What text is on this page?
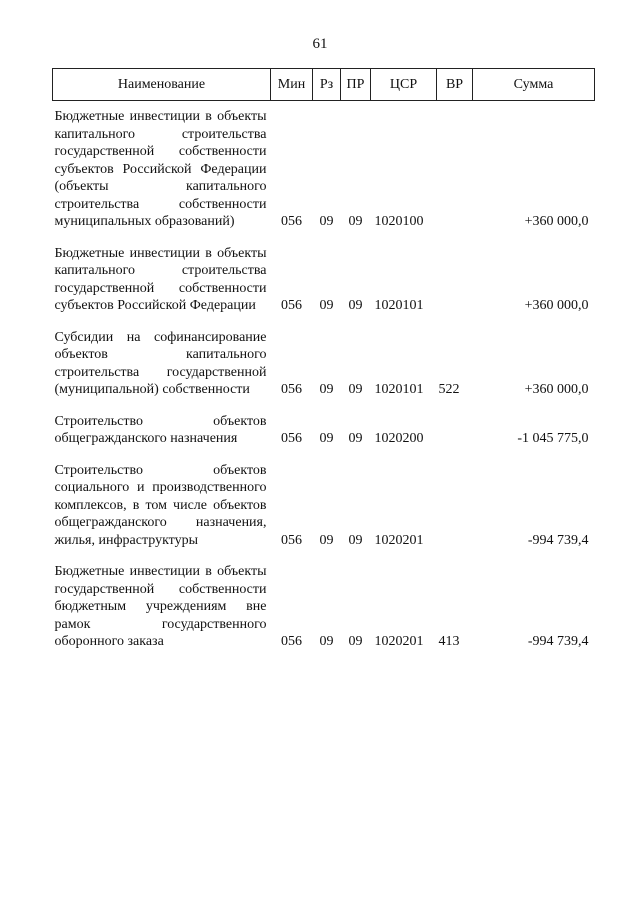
61
Наименование	Мин	Рз	ПР	ЦСР	ВР	Сумма
Бюджетные инвестиции в объекты капитального строительства государственной собственности субъектов Российской Федерации (объекты капитального строительства собственности муниципальных образований)	056	09	09	1020100		+360 000,0
Бюджетные инвестиции в объекты капитального строительства государственной собственности субъектов Российской Федерации	056	09	09	1020101		+360 000,0
Субсидии на софинансирование объектов капитального строительства государственной (муниципальной) собственности	056	09	09	1020101	522	+360 000,0
Строительство объектов общегражданского назначения	056	09	09	1020200		-1 045 775,0
Строительство объектов социального и производственного комплексов, в том числе объектов общегражданского назначения, жилья, инфраструктуры	056	09	09	1020201		-994 739,4
Бюджетные инвестиции в объекты государственной собственности бюджетным учреждениям вне рамок государственного оборонного заказа	056	09	09	1020201	413	-994 739,4
